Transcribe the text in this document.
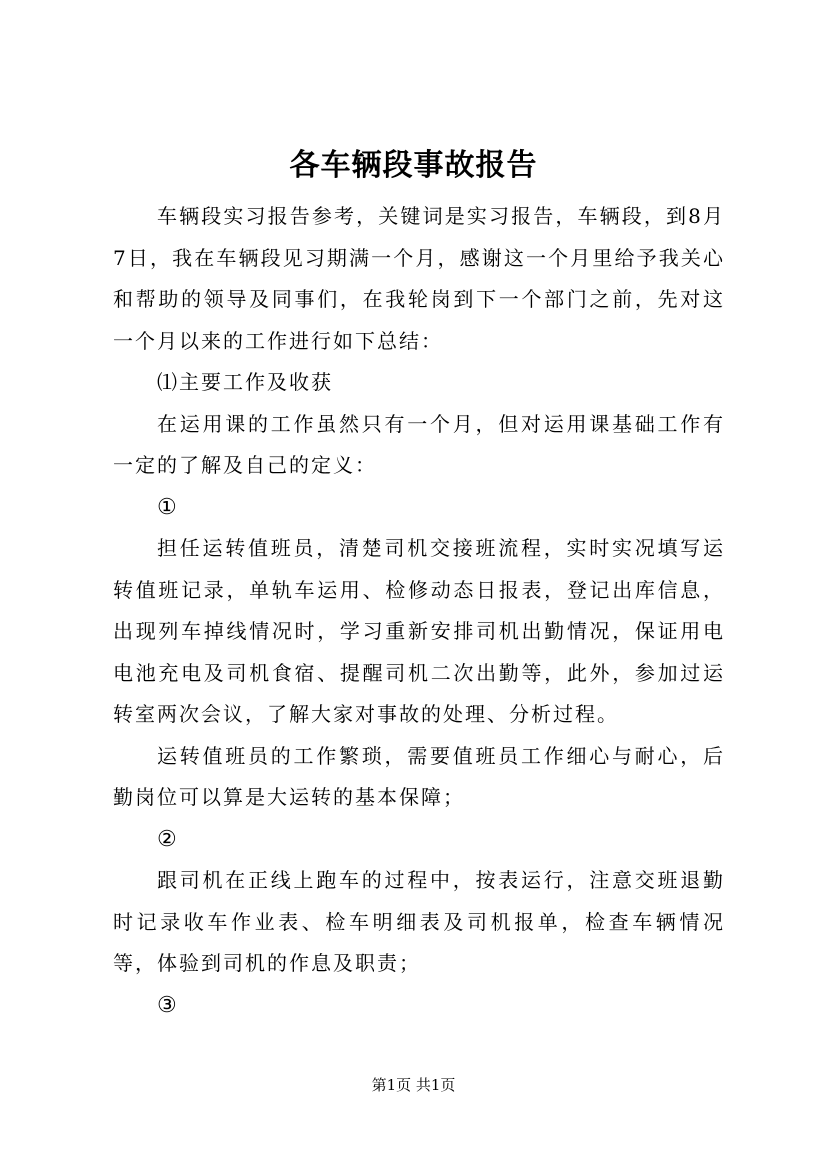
各车辆段事故报告

车辆段实习报告参考，关键词是实习报告，车辆段，到8月7日，我在车辆段见习期满一个月，感谢这一个月里给予我关心和帮助的领导及同事们，在我轮岗到下一个部门之前，先对这一个月以来的工作进行如下总结：

⑴主要工作及收获

在运用课的工作虽然只有一个月，但对运用课基础工作有一定的了解及自己的定义：

①

担任运转值班员，清楚司机交接班流程，实时实况填写运转值班记录，单轨车运用、检修动态日报表，登记出库信息，出现列车掉线情况时，学习重新安排司机出勤情况，保证用电电池充电及司机食宿、提醒司机二次出勤等，此外，参加过运转室两次会议，了解大家对事故的处理、分析过程。

运转值班员的工作繁琐，需要值班员工作细心与耐心，后勤岗位可以算是大运转的基本保障；

②

跟司机在正线上跑车的过程中，按表运行，注意交班退勤时记录收车作业表、检车明细表及司机报单，检查车辆情况等，体验到司机的作息及职责；

③

第1页 共1页
